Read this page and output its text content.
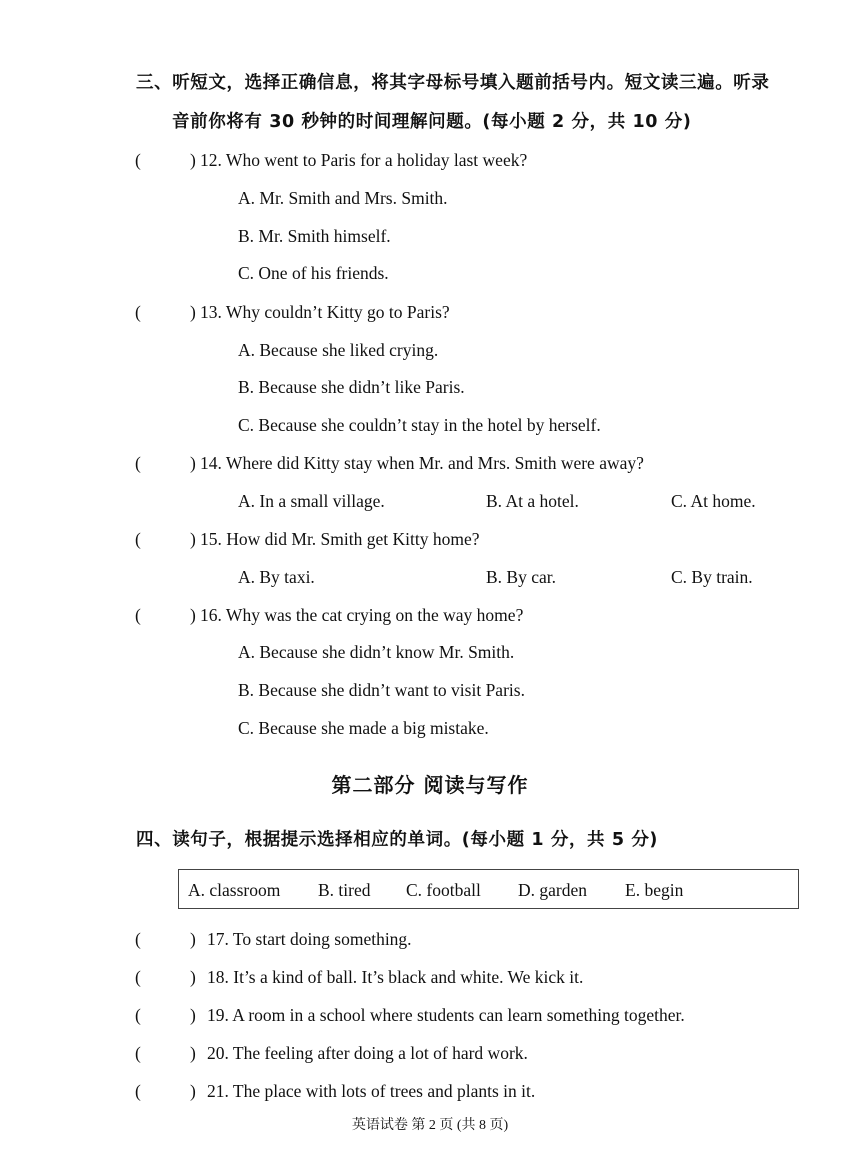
三、听短文，选择正确信息，将其字母标号填入题前括号内。短文读三遍。听录
音前你将有 30 秒钟的时间理解问题。(每小题 2 分，共 10 分)
(	) 12. Who went to Paris for a holiday last week?
A. Mr. Smith and Mrs. Smith.
B. Mr. Smith himself.
C. One of his friends.
(	) 13. Why couldn’t Kitty go to Paris?
A. Because she liked crying.
B. Because she didn’t like Paris.
C. Because she couldn’t stay in the hotel by herself.
(	) 14. Where did Kitty stay when Mr. and Mrs. Smith were away?
A. In a small village.	B. At a hotel.	C. At home.
(	) 15. How did Mr. Smith get Kitty home?
A. By taxi.	B. By car.	C. By train.
(	) 16. Why was the cat crying on the way home?
A. Because she didn’t know Mr. Smith.
B. Because she didn’t want to visit Paris.
C. Because she made a big mistake.
第二部分 阅读与写作
四、读句子，根据提示选择相应的单词。(每小题 1 分，共 5 分)
A. classroom B. tired C. football D. garden E. begin
(	) 17. To start doing something.
(	) 18. It’s a kind of ball. It’s black and white. We kick it.
(	) 19. A room in a school where students can learn something together.
(	) 20. The feeling after doing a lot of hard work.
(	) 21. The place with lots of trees and plants in it.
英语试卷 第 2 页 (共 8 页)
